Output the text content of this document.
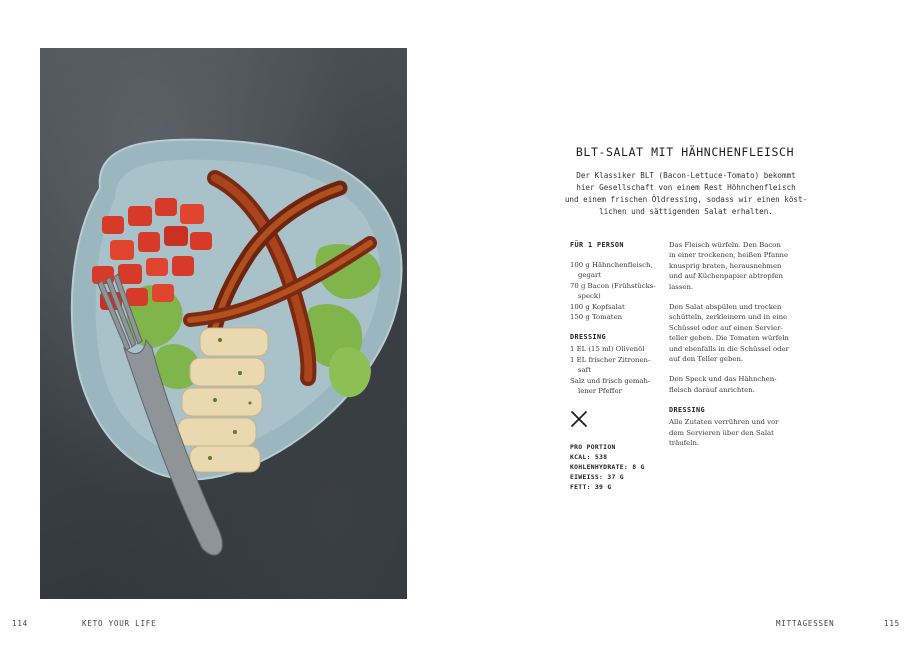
BLT-SALAT MIT HÄHNCHENFLEISCH
Der Klassiker BLT (Bacon-Lettuce-Tomato) bekommt
hier Gesellschaft von einem Rest Höhnchenfleisch
und einem frischen Öldressing, sodass wir einen köst-
lichen und sättigenden Salat erhalten.
FÜR 1 PERSON
100 g Hähnchenfleisch,
gegart
70 g Bacon (Frühstücks-
speck)
100 g Kopfsalat
150 g Tomaten
DRESSING
1 EL (15 ml) Olivenöl
1 EL frischer Zitronen-
saft
Salz und frisch gemah-
lener Pfeffer
PRO PORTION
KCAL: 538
KOHLENHYDRATE: 8 G
EIWEISS: 37 G
FETT: 39 G
Das Fleisch würfeln. Den Bacon
in einer trockenen, heißen Pfanne
knusprig braten, herausnehmen
und auf Küchenpapier abtropfen
lassen.
Den Salat abspülen und trocken
schütteln, zerkleinern und in eine
Schüssel oder auf einen Servier-
teller geben. Die Tomaten würfeln
und ebenfalls in die Schüssel oder
auf den Teller geben.
Den Speck und das Hähnchen-
fleisch darauf anrichten.
DRESSING
Alle Zutaten verrühren und vor
dem Servieren über den Salat
träufeln.
114	KETO YOUR LIFE	MITTAGESSEN	115
